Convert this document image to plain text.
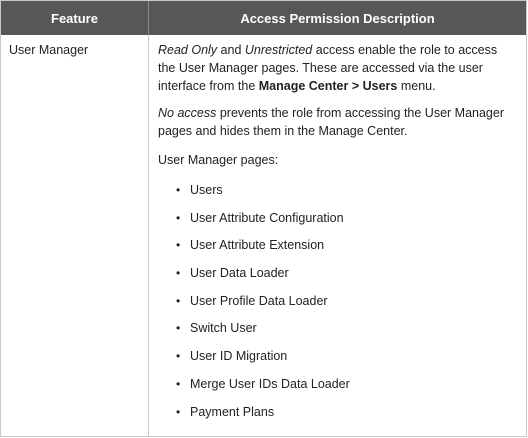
Feature	Access Permission Description
User Manager	Read Only and Unrestricted access enable the role to access the User Manager pages. These are accessed via the user interface from the Manage Center > Users menu.

No access prevents the role from accessing the User Manager pages and hides them in the Manage Center.

User Manager pages:

• Users
• User Attribute Configuration
• User Attribute Extension
• User Data Loader
• User Profile Data Loader
• Switch User
• User ID Migration
• Merge User IDs Data Loader
• Payment Plans
